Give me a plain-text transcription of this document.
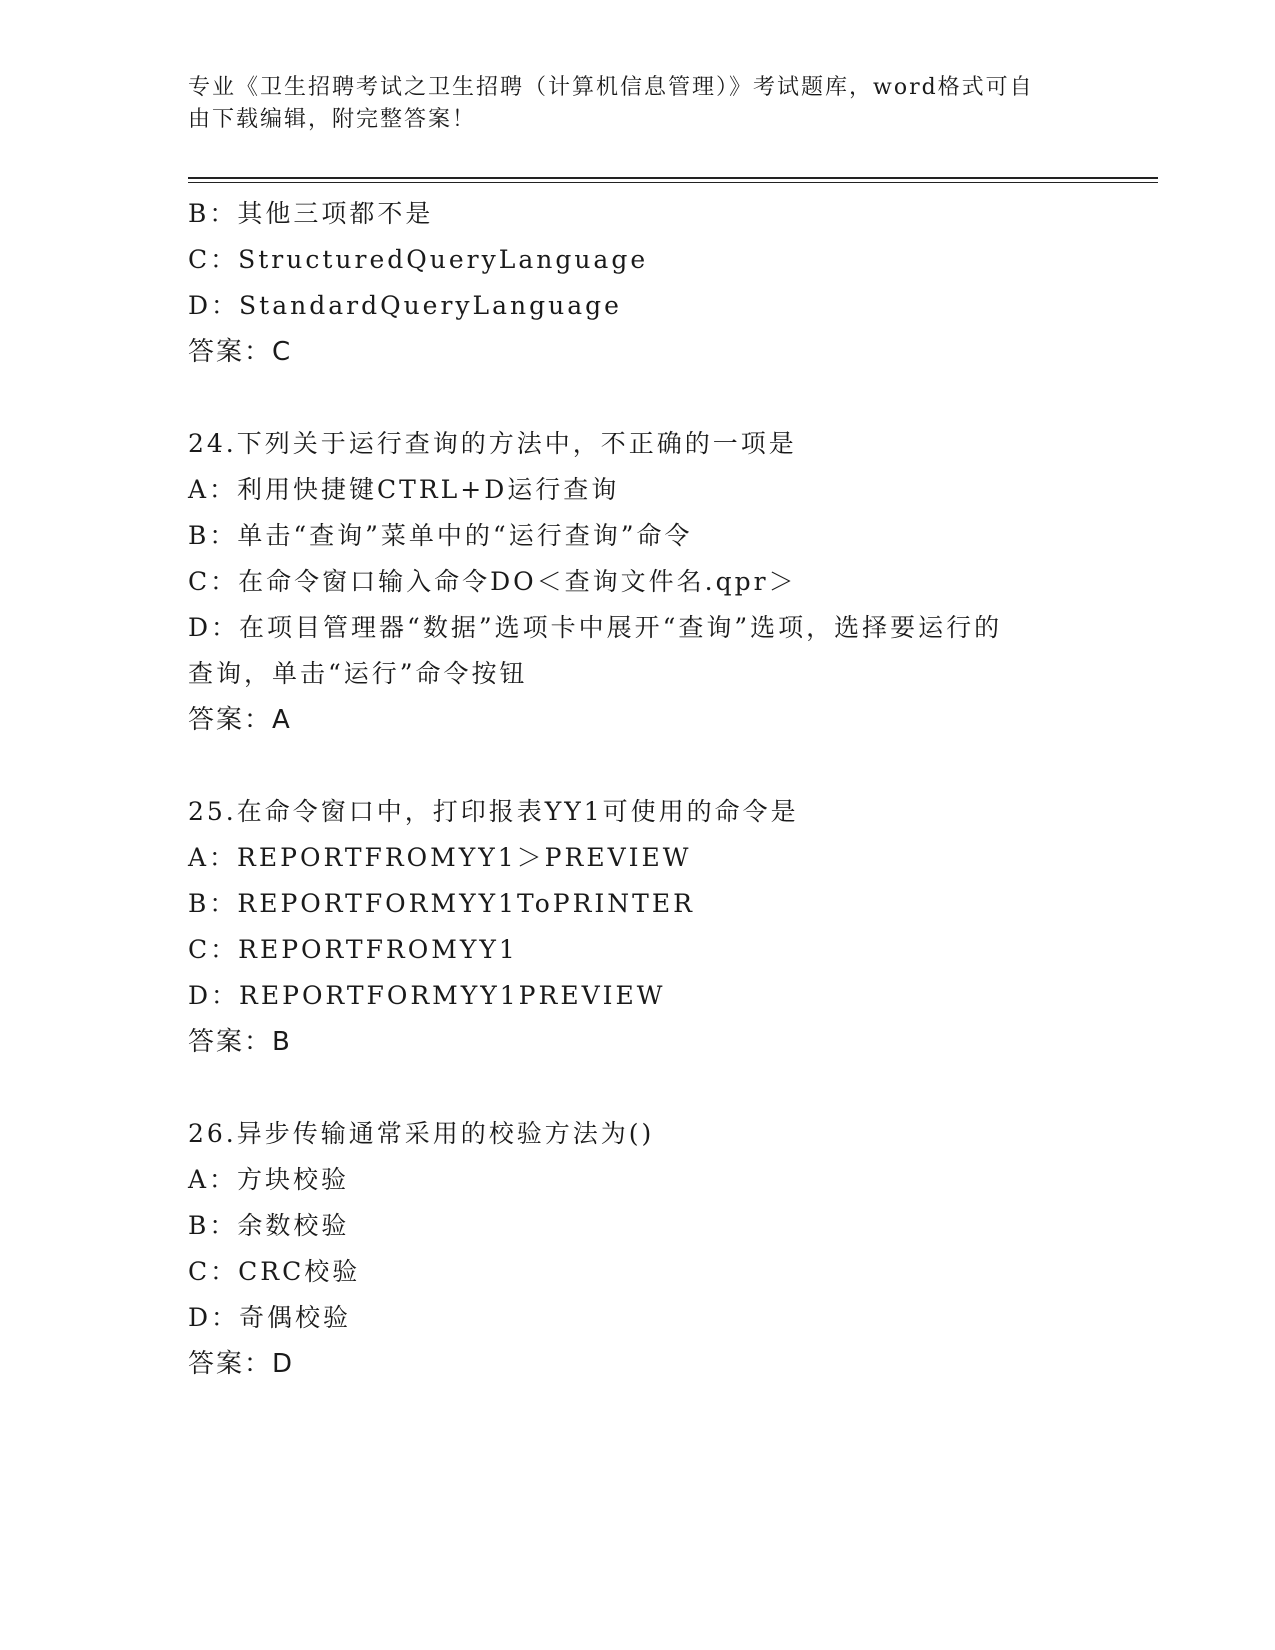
专业《卫生招聘考试之卫生招聘（计算机信息管理）》考试题库，word格式可自
由下载编辑，附完整答案！
B：其他三项都不是
C：StructuredQueryLanguage
D：StandardQueryLanguage
答案：C
24.下列关于运行查询的方法中，不正确的一项是
A：利用快捷键CTRL+D运行查询
B：单击“查询”菜单中的“运行查询”命令
C：在命令窗口输入命令DO＜查询文件名.qpr＞
D：在项目管理器“数据”选项卡中展开“查询”选项，选择要运行的
查询，单击“运行”命令按钮
答案：A
25.在命令窗口中，打印报表YY1可使用的命令是
A：REPORTFROMYY1＞PREVIEW
B：REPORTFORMYY1ToPRINTER
C：REPORTFROMYY1
D：REPORTFORMYY1PREVIEW
答案：B
26.异步传输通常采用的校验方法为()
A：方块校验
B：余数校验
C：CRC校验
D：奇偶校验
答案：D
